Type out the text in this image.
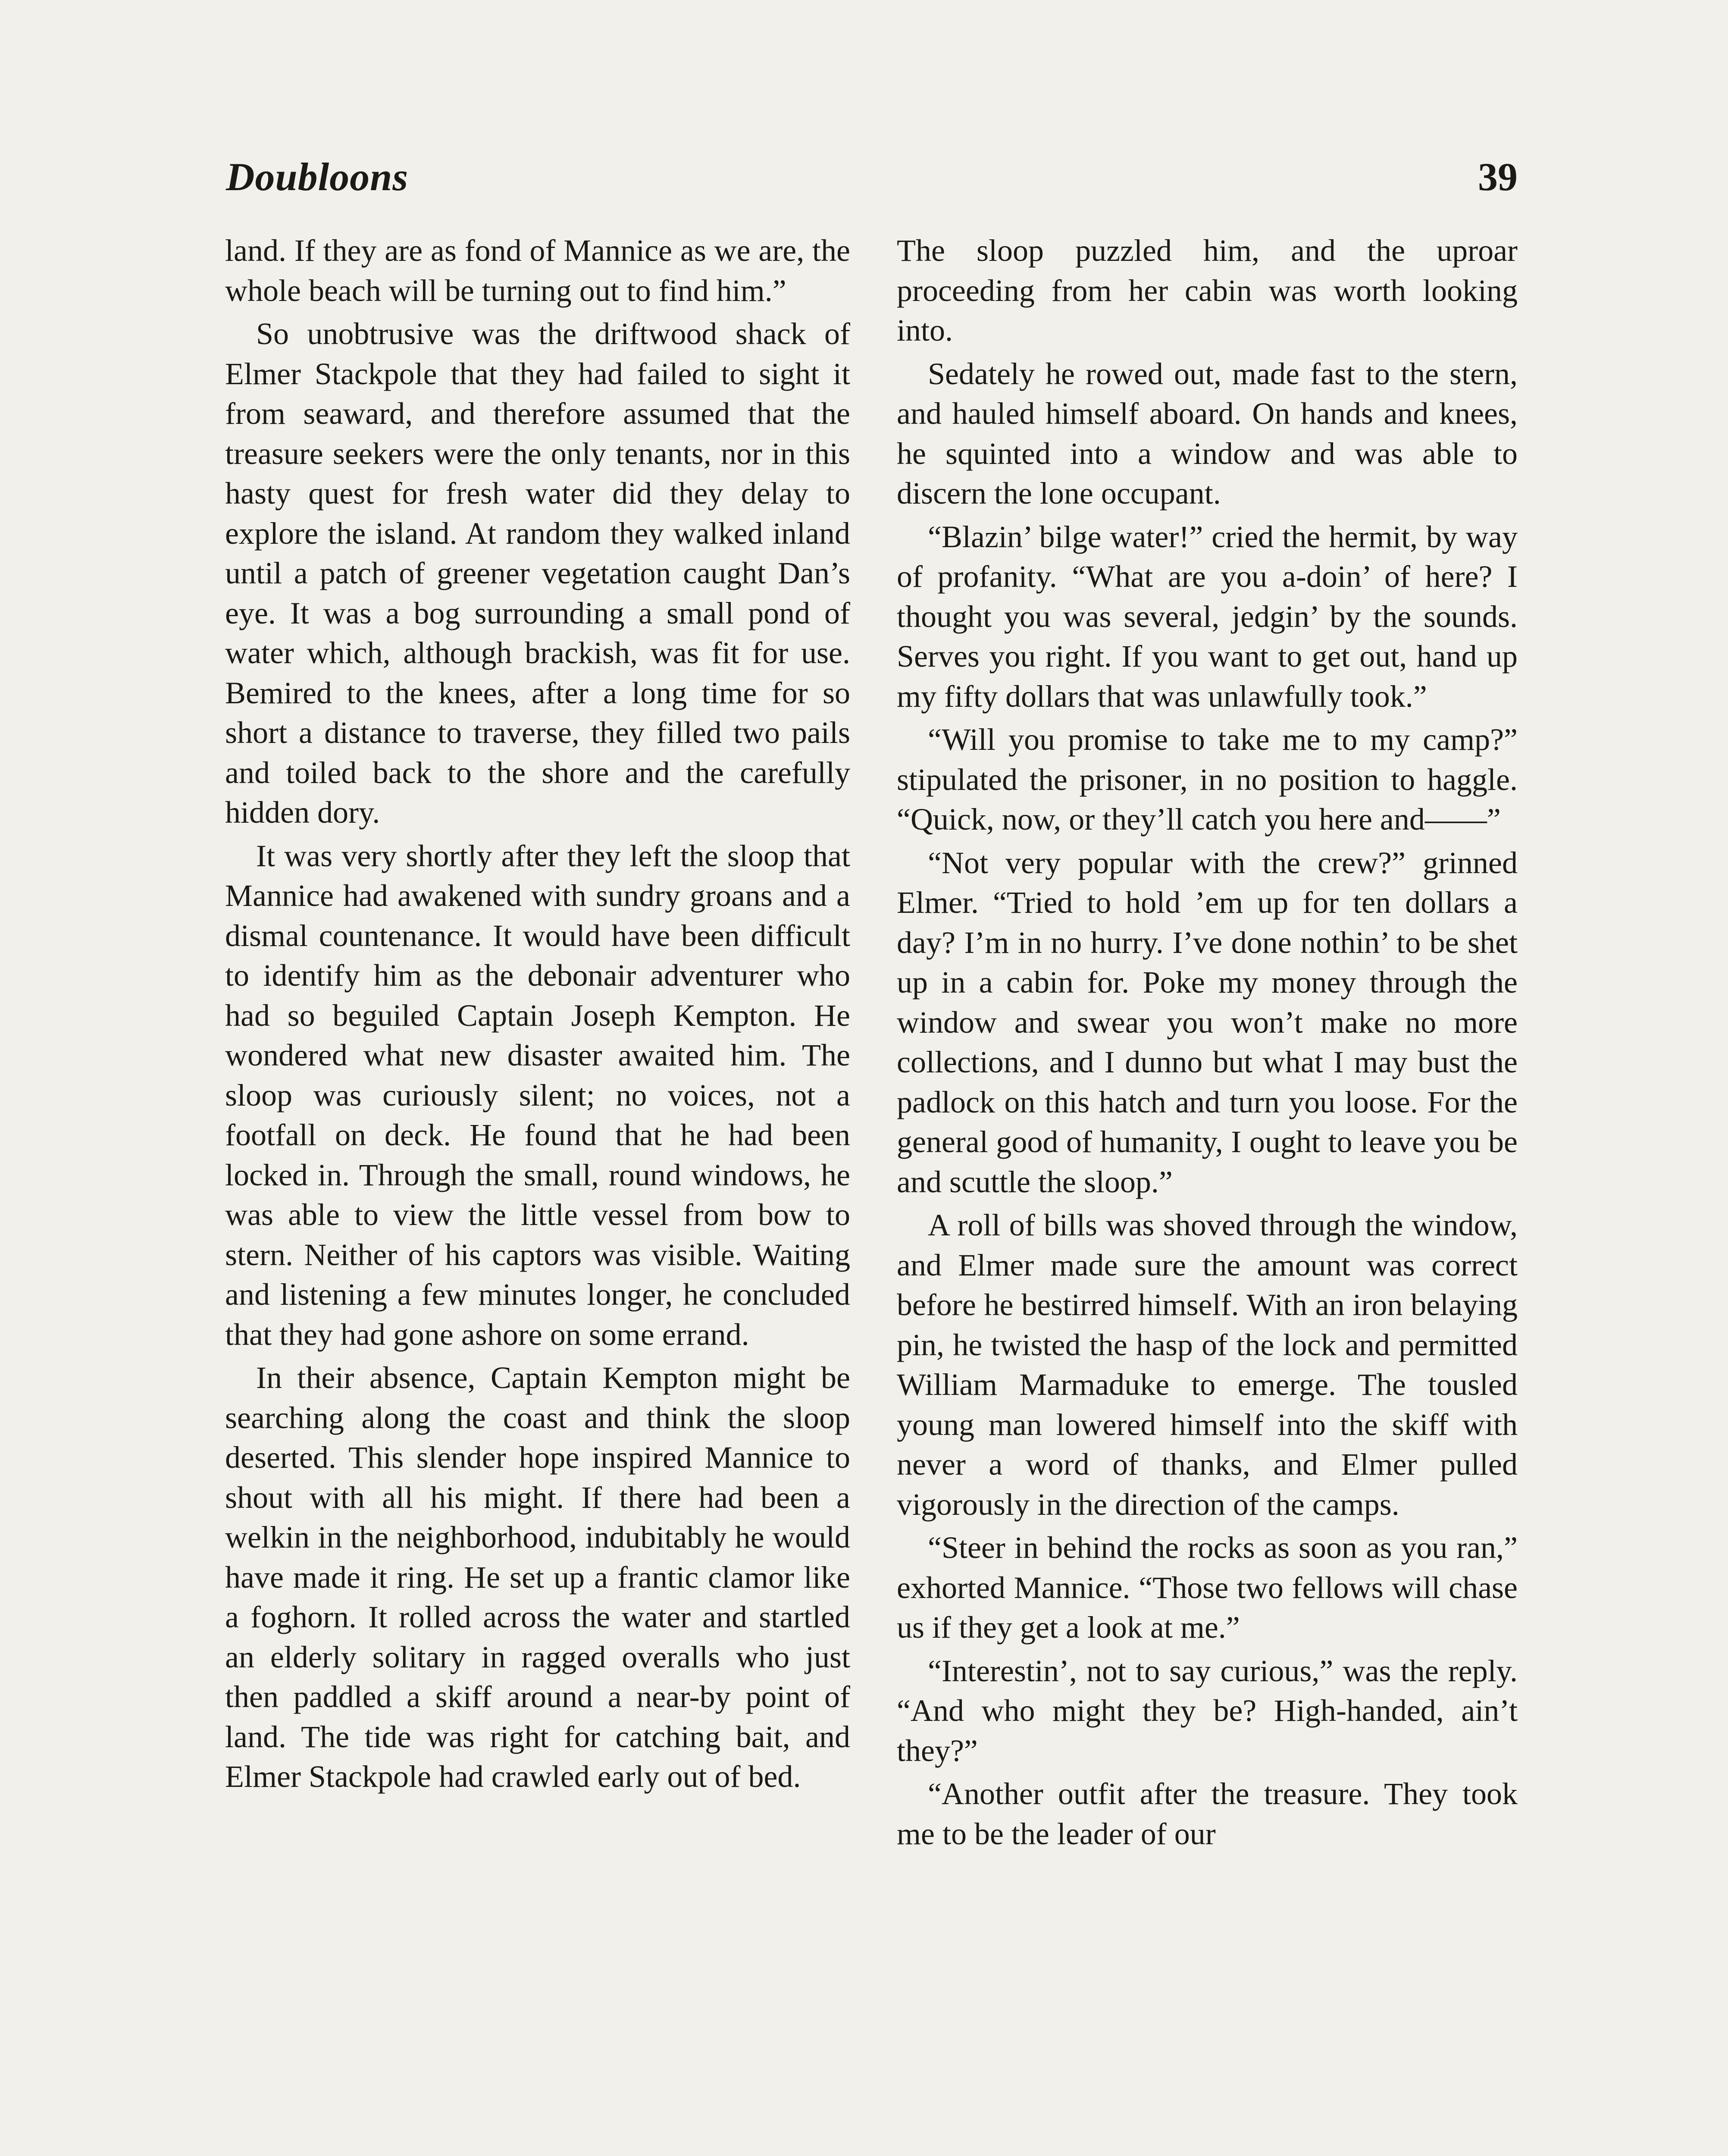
Doubloons	39

land. If they are as fond of Mannice as we are, the whole beach will be turning out to find him.”

So unobtrusive was the driftwood shack of Elmer Stackpole that they had failed to sight it from seaward, and therefore assumed that the treasure seekers were the only tenants, nor in this hasty quest for fresh water did they delay to explore the island. At random they walked inland until a patch of greener vegetation caught Dan’s eye. It was a bog surrounding a small pond of water which, although brackish, was fit for use. Bemired to the knees, after a long time for so short a distance to traverse, they filled two pails and toiled back to the shore and the carefully hidden dory.

It was very shortly after they left the sloop that Mannice had awakened with sundry groans and a dismal countenance. It would have been difficult to identify him as the debonair adventurer who had so beguiled Captain Joseph Kempton. He wondered what new disaster awaited him. The sloop was curiously silent; no voices, not a footfall on deck. He found that he had been locked in. Through the small, round windows, he was able to view the little vessel from bow to stern. Neither of his captors was visible. Waiting and listening a few minutes longer, he concluded that they had gone ashore on some errand.

In their absence, Captain Kempton might be searching along the coast and think the sloop deserted. This slender hope inspired Mannice to shout with all his might. If there had been a welkin in the neighborhood, indubitably he would have made it ring. He set up a frantic clamor like a foghorn. It rolled across the water and startled an elderly solitary in ragged overalls who just then paddled a skiff around a near-by point of land. The tide was right for catching bait, and Elmer Stackpole had crawled early out of bed.

The sloop puzzled him, and the uproar proceeding from her cabin was worth looking into.

Sedately he rowed out, made fast to the stern, and hauled himself aboard. On hands and knees, he squinted into a window and was able to discern the lone occupant.

“Blazin’ bilge water!” cried the hermit, by way of profanity. “What are you a-doin’ of here? I thought you was several, jedgin’ by the sounds. Serves you right. If you want to get out, hand up my fifty dollars that was unlawfully took.”

“Will you promise to take me to my camp?” stipulated the prisoner, in no position to haggle. “Quick, now, or they’ll catch you here and——”

“Not very popular with the crew?” grinned Elmer. “Tried to hold ’em up for ten dollars a day? I’m in no hurry. I’ve done nothin’ to be shet up in a cabin for. Poke my money through the window and swear you won’t make no more collections, and I dunno but what I may bust the padlock on this hatch and turn you loose. For the general good of humanity, I ought to leave you be and scuttle the sloop.”

A roll of bills was shoved through the window, and Elmer made sure the amount was correct before he bestirred himself. With an iron belaying pin, he twisted the hasp of the lock and permitted William Marmaduke to emerge. The tousled young man lowered himself into the skiff with never a word of thanks, and Elmer pulled vigorously in the direction of the camps.

“Steer in behind the rocks as soon as you ran,” exhorted Mannice. “Those two fellows will chase us if they get a look at me.”

“Interestin’, not to say curious,” was the reply. “And who might they be? High-handed, ain’t they?”

“Another outfit after the treasure. They took me to be the leader of our
